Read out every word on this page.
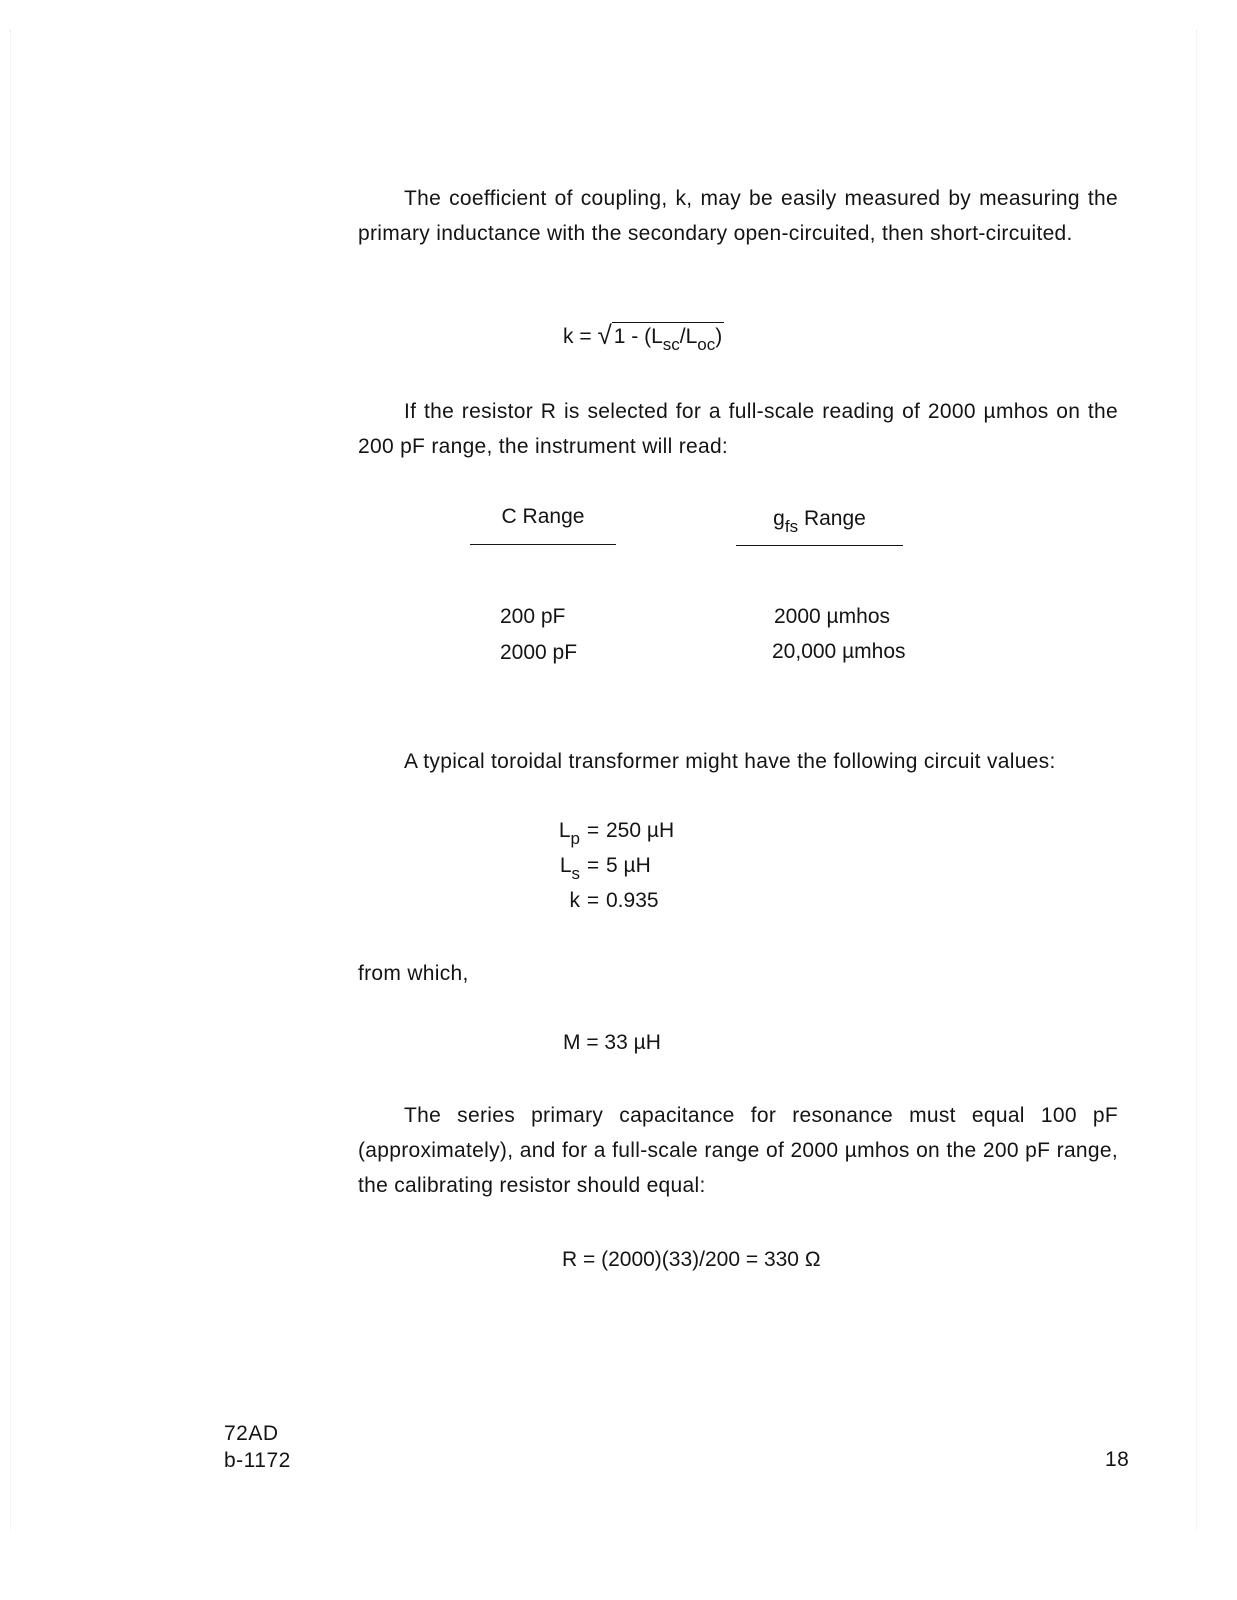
The coefficient of coupling, k, may be easily measured by measuring the primary inductance with the secondary open-circuited, then short-circuited.

$k = √1 - (L_{sc}/L_{oc})$

If the resistor R is selected for a full-scale reading of 2000 µmhos on the 200 pF range, the instrument will read:

C Range	$g_{fs}$ Range
200 pF	2000 µmhos
2000 pF	20,000 µmhos

A typical toroidal transformer might have the following circuit values:

$L_p = 250$ µH
$L_s = 5$ µH
k = 0.935

from which,

M = 33 µH

The series primary capacitance for resonance must equal 100 pF (approximately), and for a full-scale range of 2000 µmhos on the 200 pF range, the calibrating resistor should equal:

R = (2000)(33)/200 = 330 Ω
72AD
b-1172	18
